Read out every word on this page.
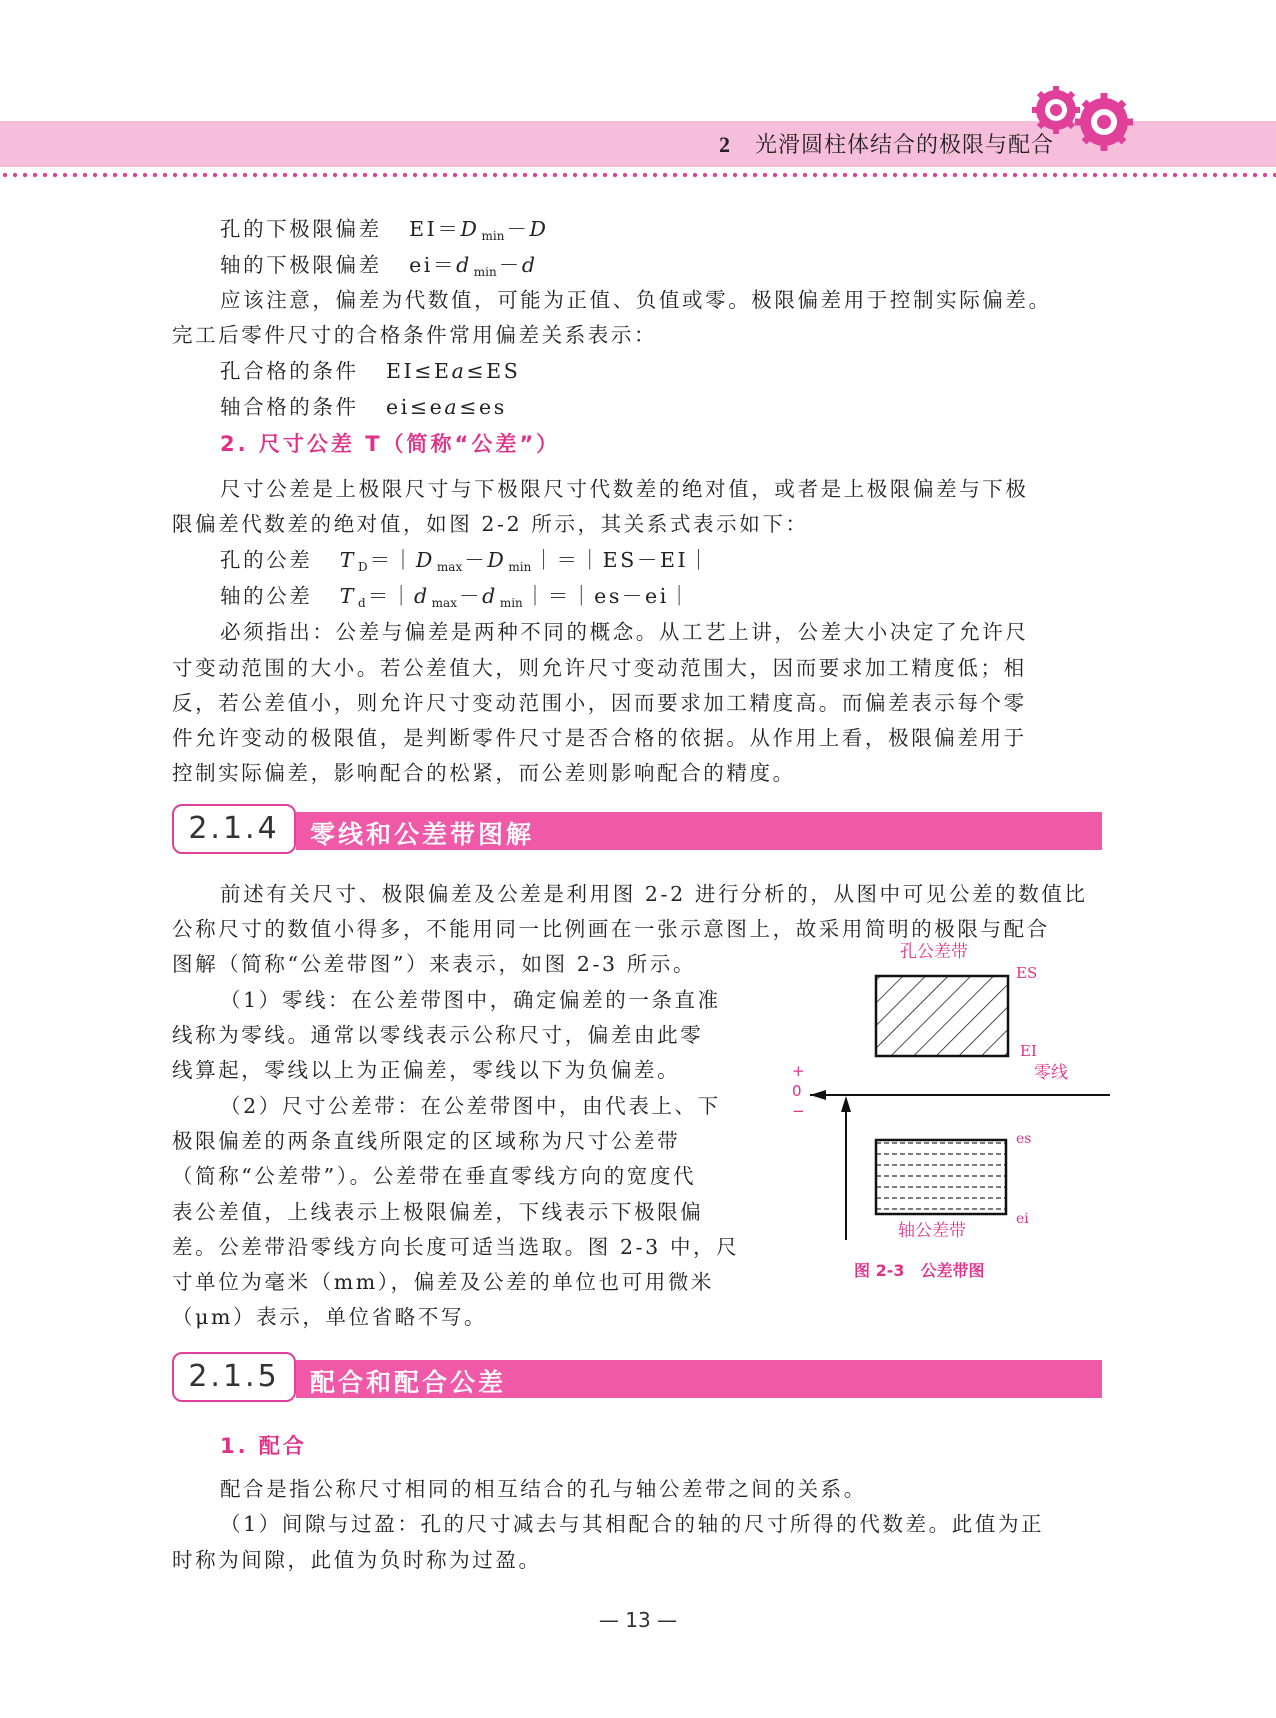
2 光滑圆柱体结合的极限与配合
孔的下极限偏差 EI＝D min－D
轴的下极限偏差 ei＝d min－d
应该注意，偏差为代数值，可能为正值、负值或零。极限偏差用于控制实际偏差。
完工后零件尺寸的合格条件常用偏差关系表示：
孔合格的条件 EI≤Ea≤ES
轴合格的条件 ei≤ea≤es
2. 尺寸公差 T（简称“公差”）
尺寸公差是上极限尺寸与下极限尺寸代数差的绝对值，或者是上极限偏差与下极
限偏差代数差的绝对值，如图 2-2 所示，其关系式表示如下：
孔的公差 T D＝｜D max－D min｜＝｜ES－EI｜
轴的公差 T d＝｜d max－d min｜＝｜es－ei｜
必须指出：公差与偏差是两种不同的概念。从工艺上讲，公差大小决定了允许尺
寸变动范围的大小。若公差值大，则允许尺寸变动范围大，因而要求加工精度低；相
反，若公差值小，则允许尺寸变动范围小，因而要求加工精度高。而偏差表示每个零
件允许变动的极限值，是判断零件尺寸是否合格的依据。从作用上看，极限偏差用于
控制实际偏差，影响配合的松紧，而公差则影响配合的精度。
2.1.4	零线和公差带图解
前述有关尺寸、极限偏差及公差是利用图 2-2 进行分析的，从图中可见公差的数值比
公称尺寸的数值小得多，不能用同一比例画在一张示意图上，故采用简明的极限与配合
图解（简称“公差带图”）来表示，如图 2-3 所示。
（1）零线：在公差带图中，确定偏差的一条直准
线称为零线。通常以零线表示公称尺寸，偏差由此零
线算起，零线以上为正偏差，零线以下为负偏差。
（2）尺寸公差带：在公差带图中，由代表上、下
极限偏差的两条直线所限定的区域称为尺寸公差带
（简称“公差带”）。公差带在垂直零线方向的宽度代
表公差值，上线表示上极限偏差，下线表示下极限偏
差。公差带沿零线方向长度可适当选取。图 2-3 中，尺
寸单位为毫米（mm），偏差及公差的单位也可用微米
（μm）表示，单位省略不写。
孔公差带
ES
EI
零线
+
0
−
es
ei
轴公差带
图 2-3　公差带图
2.1.5	配合和配合公差
1. 配合
配合是指公称尺寸相同的相互结合的孔与轴公差带之间的关系。
（1）间隙与过盈：孔的尺寸减去与其相配合的轴的尺寸所得的代数差。此值为正
时称为间隙，此值为负时称为过盈。
— 13 —
